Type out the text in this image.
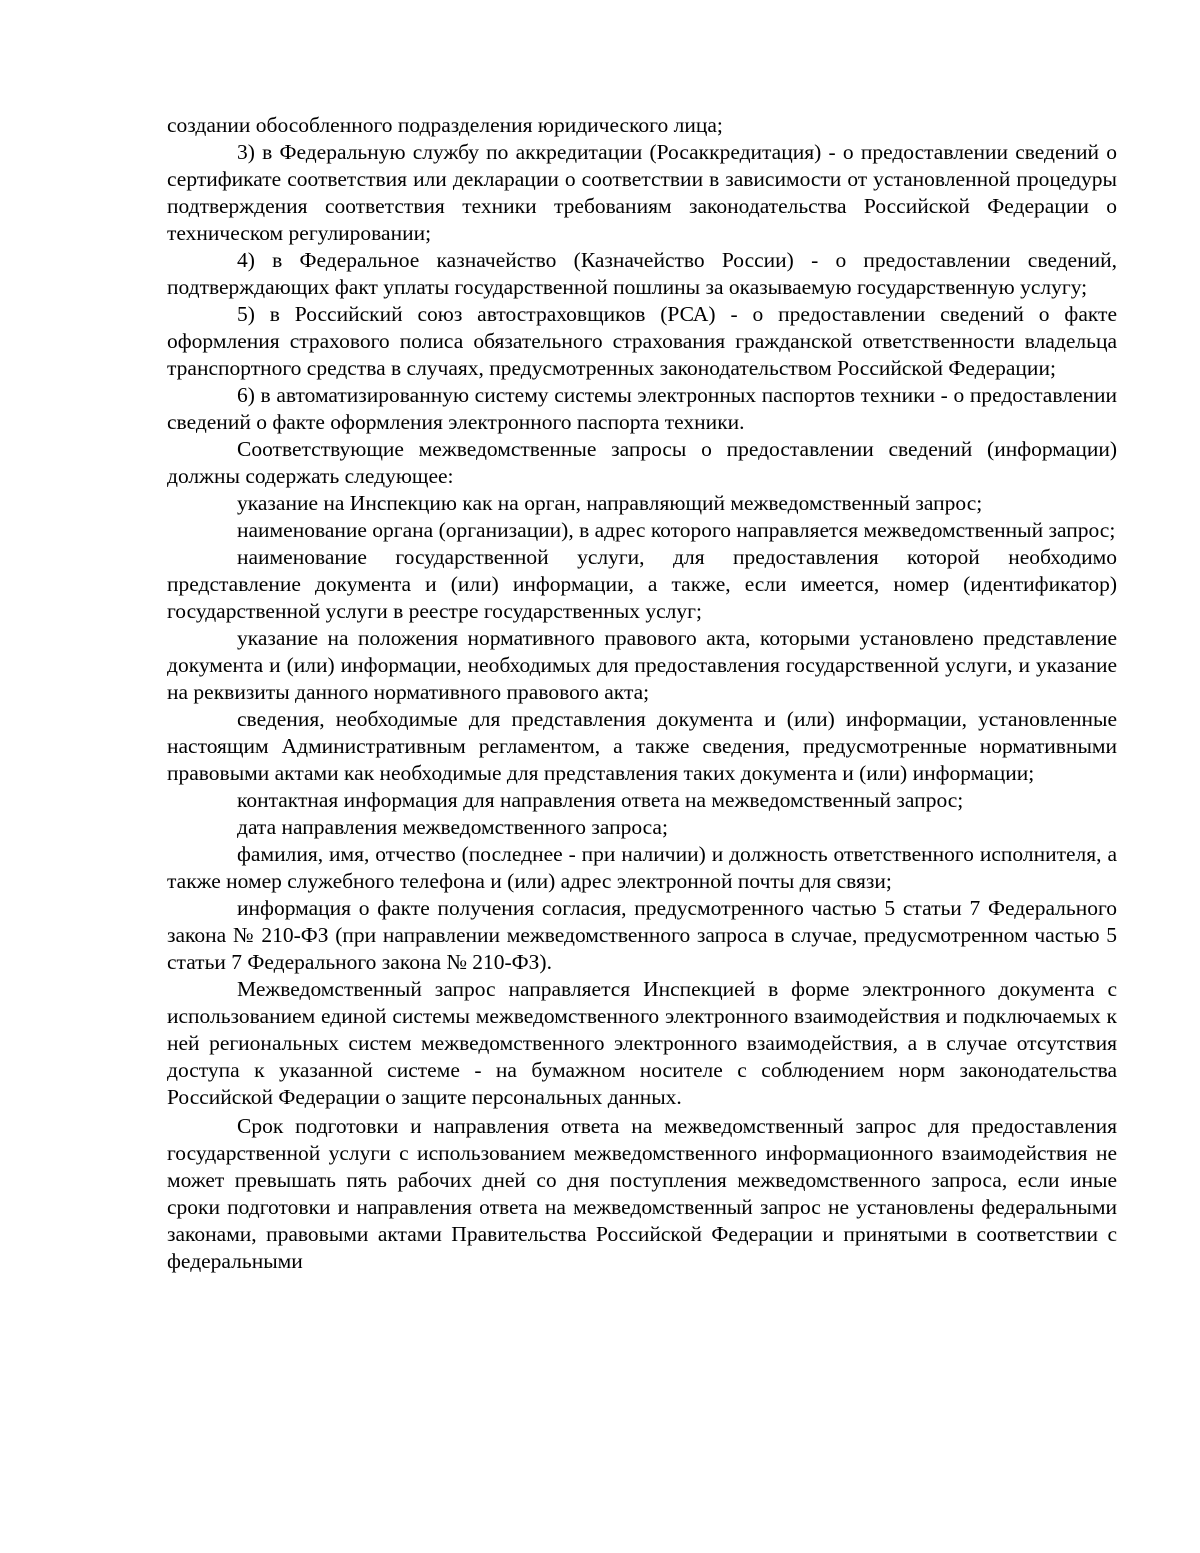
создании обособленного подразделения юридического лица;

3) в Федеральную службу по аккредитации (Росаккредитация) - о предоставлении сведений о сертификате соответствия или декларации о соответствии в зависимости от установленной процедуры подтверждения соответствия техники требованиям законодательства Российской Федерации о техническом регулировании;

4) в Федеральное казначейство (Казначейство России) - о предоставлении сведений, подтверждающих факт уплаты государственной пошлины за оказываемую государственную услугу;

5) в Российский союз автостраховщиков (РСА) - о предоставлении сведений о факте оформления страхового полиса обязательного страхования гражданской ответственности владельца транспортного средства в случаях, предусмотренных законодательством Российской Федерации;

6) в автоматизированную систему системы электронных паспортов техники - о предоставлении сведений о факте оформления электронного паспорта техники.

Соответствующие межведомственные запросы о предоставлении сведений (информации) должны содержать следующее:

указание на Инспекцию как на орган, направляющий межведомственный запрос;

наименование органа (организации), в адрес которого направляется межведомственный запрос;

наименование государственной услуги, для предоставления которой необходимо представление документа и (или) информации, а также, если имеется, номер (идентификатор) государственной услуги в реестре государственных услуг;

указание на положения нормативного правового акта, которыми установлено представление документа и (или) информации, необходимых для предоставления государственной услуги, и указание на реквизиты данного нормативного правового акта;

сведения, необходимые для представления документа и (или) информации, установленные настоящим Административным регламентом, а также сведения, предусмотренные нормативными правовыми актами как необходимые для представления таких документа и (или) информации;

контактная информация для направления ответа на межведомственный запрос;

дата направления межведомственного запроса;

фамилия, имя, отчество (последнее - при наличии) и должность ответственного исполнителя, а также номер служебного телефона и (или) адрес электронной почты для связи;

информация о факте получения согласия, предусмотренного частью 5 статьи 7 Федерального закона № 210-ФЗ (при направлении межведомственного запроса в случае, предусмотренном частью 5 статьи 7 Федерального закона № 210-ФЗ).

Межведомственный запрос направляется Инспекцией в форме электронного документа с использованием единой системы межведомственного электронного взаимодействия и подключаемых к ней региональных систем межведомственного электронного взаимодействия, а в случае отсутствия доступа к указанной системе - на бумажном носителе с соблюдением норм законодательства Российской Федерации о защите персональных данных.

Срок подготовки и направления ответа на межведомственный запрос для предоставления государственной услуги с использованием межведомственного информационного взаимодействия не может превышать пять рабочих дней со дня поступления межведомственного запроса, если иные сроки подготовки и направления ответа на межведомственный запрос не установлены федеральными законами, правовыми актами Правительства Российской Федерации и принятыми в соответствии с федеральными
